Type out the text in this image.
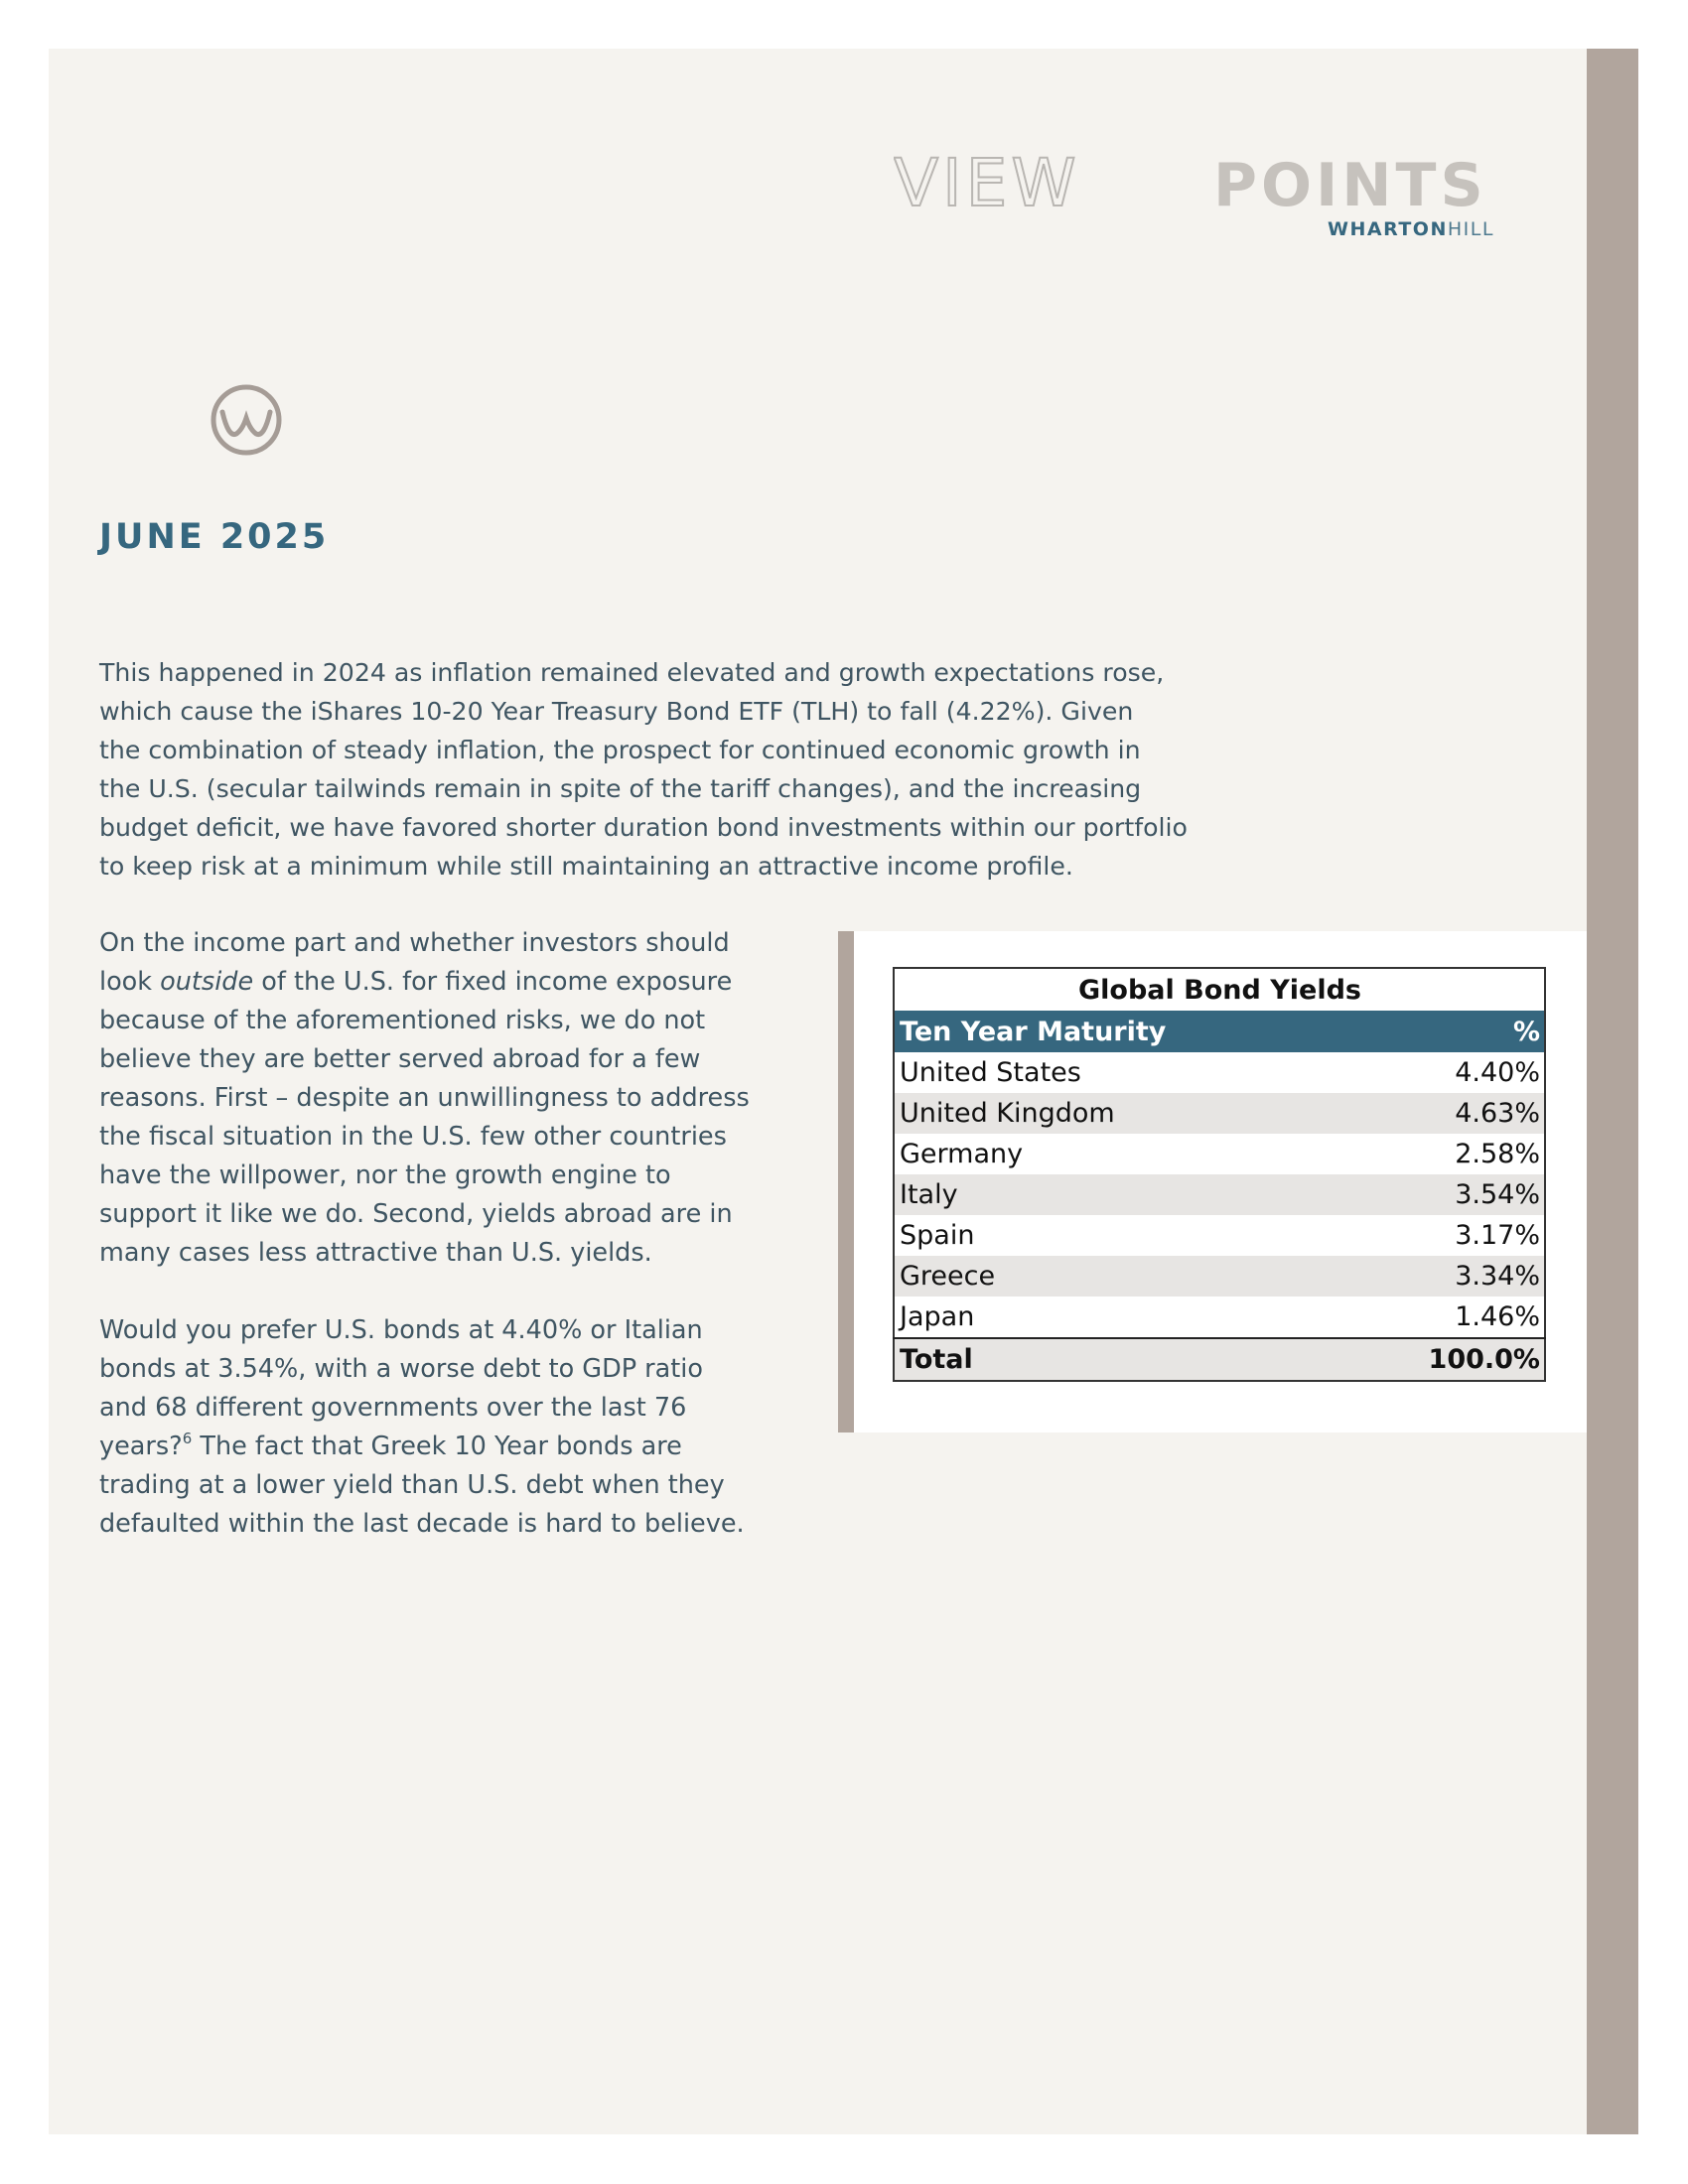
VIEW POINTS
WHARTONHILL
JUNE 2025

This happened in 2024 as inflation remained elevated and growth expectations rose,
which cause the iShares 10-20 Year Treasury Bond ETF (TLH) to fall (4.22%). Given
the combination of steady inflation, the prospect for continued economic growth in
the U.S. (secular tailwinds remain in spite of the tariff changes), and the increasing
budget deficit, we have favored shorter duration bond investments within our portfolio
to keep risk at a minimum while still maintaining an attractive income profile.

On the income part and whether investors should
look outside of the U.S. for fixed income exposure
because of the aforementioned risks, we do not
believe they are better served abroad for a few
reasons. First – despite an unwillingness to address
the fiscal situation in the U.S. few other countries
have the willpower, nor the growth engine to
support it like we do. Second, yields abroad are in
many cases less attractive than U.S. yields.

Would you prefer U.S. bonds at 4.40% or Italian
bonds at 3.54%, with a worse debt to GDP ratio
and 68 different governments over the last 76
years?$^6$ The fact that Greek 10 Year bonds are
trading at a lower yield than U.S. debt when they
defaulted within the last decade is hard to believe.

Global Bond Yields	
Ten Year Maturity	%
United States	4.40%
United Kingdom	4.63%
Germany	2.58%
Italy	3.54%
Spain	3.17%
Greece	3.34%
Japan	1.46%
Total	100.0%
